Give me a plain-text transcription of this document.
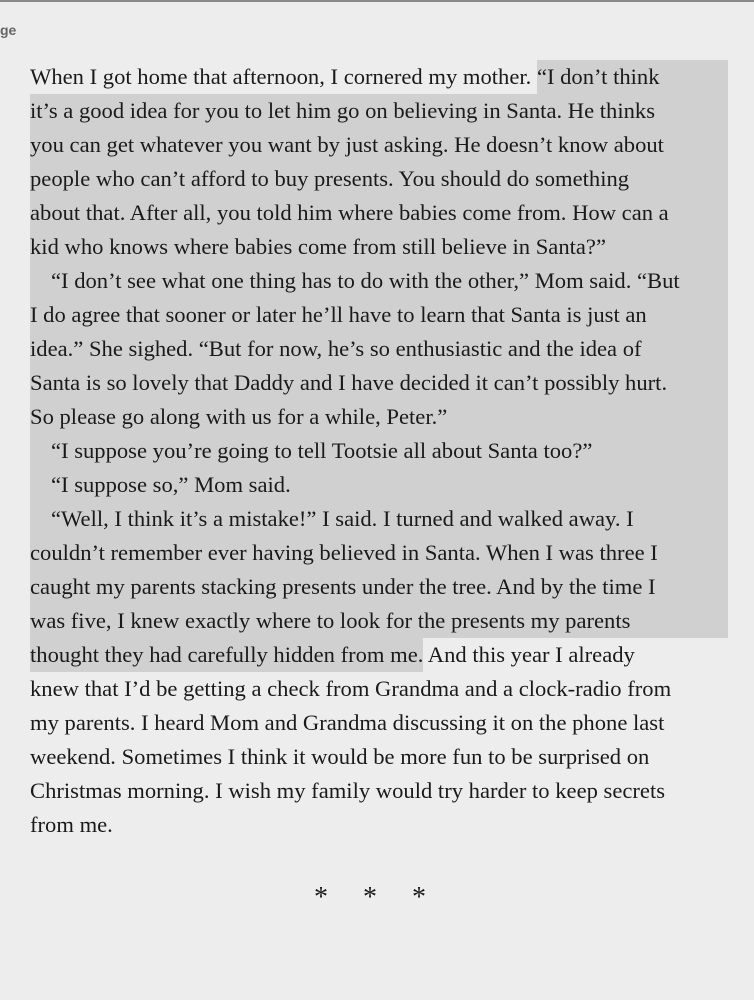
ge
When I got home that afternoon, I cornered my mother. “I don’t think
it’s a good idea for you to let him go on believing in Santa. He thinks
you can get whatever you want by just asking. He doesn’t know about
people who can’t afford to buy presents. You should do something
about that. After all, you told him where babies come from. How can a
kid who knows where babies come from still believe in Santa?”
“I don’t see what one thing has to do with the other,” Mom said. “But
I do agree that sooner or later he’ll have to learn that Santa is just an
idea.” She sighed. “But for now, he’s so enthusiastic and the idea of
Santa is so lovely that Daddy and I have decided it can’t possibly hurt.
So please go along with us for a while, Peter.”
“I suppose you’re going to tell Tootsie all about Santa too?”
“I suppose so,” Mom said.
“Well, I think it’s a mistake!” I said. I turned and walked away. I
couldn’t remember ever having believed in Santa. When I was three I
caught my parents stacking presents under the tree. And by the time I
was five, I knew exactly where to look for the presents my parents
thought they had carefully hidden from me. And this year I already
knew that I’d be getting a check from Grandma and a clock-radio from
my parents. I heard Mom and Grandma discussing it on the phone last
weekend. Sometimes I think it would be more fun to be surprised on
Christmas morning. I wish my family would try harder to keep secrets
from me.
* * *
